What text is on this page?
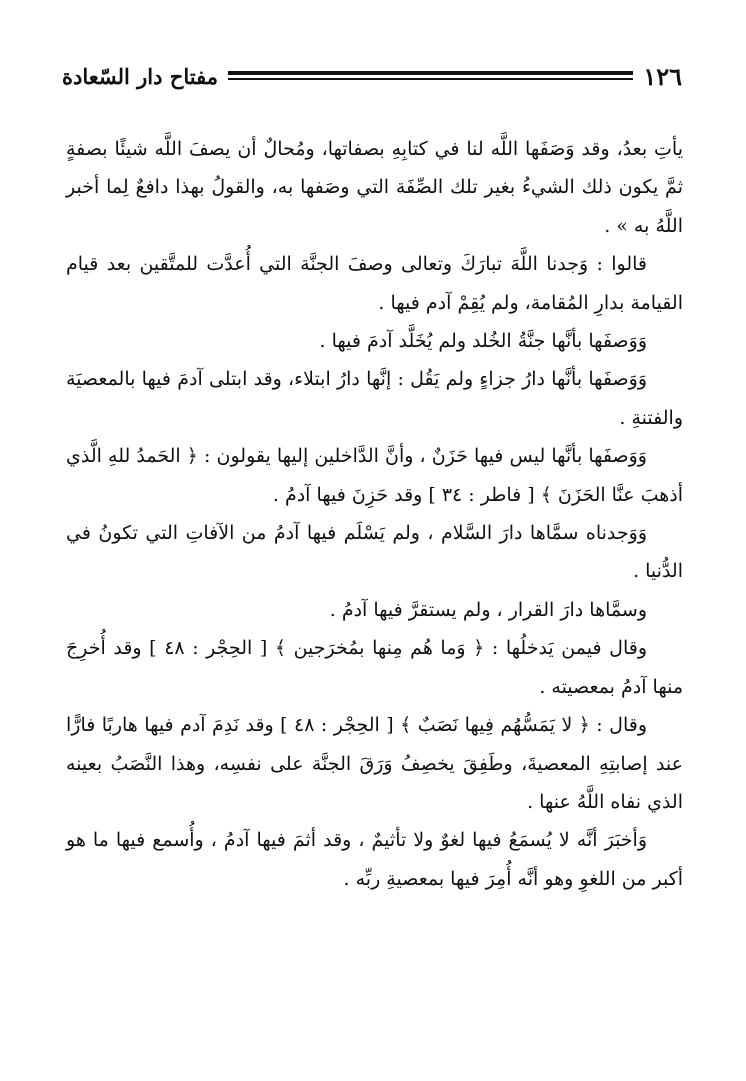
مفتاح دار السّعادة	١٢٦

يأتِ بعدُ، وقد وَصَفَها اللَّه لنا في كتابِهِ بصفاتها، ومُحالٌ أن يصفَ اللَّه شيئًا بصفةٍ ثمَّ يكون ذلك الشيءُ بغير تلك الصِّفَة التي وصَفها به، والقولُ بهذا دافعٌ لِما أخبر اللَّهُ به » .

قالوا : وَجدنا اللَّهَ تبارَكَ وتعالى وصفَ الجنَّة التي أُعدَّت للمتَّقين بعد قيام القيامة بدارِ المُقامة، ولم يُقِمْ آدم فيها .

وَوَصفَها بأنَّها جنَّةُ الخُلد ولم يُخَلَّد آدمَ فيها .

وَوَصفَها بأنَّها دارُ جزاءٍ ولم يَقُل : إنَّها دارُ ابتلاء، وقد ابتلى آدمَ فيها بالمعصيَة والفتنةِ .

وَوَصفَها بأنَّها ليس فيها حَزَنٌ ، وأنَّ الدَّاخلين إليها يقولون : ﴿ الحَمدُ للهِ الَّذي أذهبَ عنَّا الحَزَنَ ﴾ [ فاطر : ٣٤ ] وقد حَزِنَ فيها آدمُ .

وَوَجدناه سمَّاها دارَ السَّلام ، ولم يَسْلَم فيها آدمُ من الآفاتِ التي تكونُ في الدُّنيا .

وسمَّاها دارَ القرار ، ولم يستقرَّ فيها آدمُ .

وقال فيمن يَدخلُها : ﴿ وَما هُم مِنها بمُخرَجين ﴾ [ الحِجْر : ٤٨ ] وقد أُخرِجَ منها آدمُ بمعصيته .

وقال : ﴿ لا يَمَسُّهُم فِيها نَصَبٌ ﴾ [ الحِجْر : ٤٨ ] وقد نَدِمَ آدم فيها هاربًا فارًّا عند إصابتِهِ المعصيةَ، وطَفِقَ يخصِفُ وَرَقَ الجنَّة على نفسِه، وهذا النَّصَبُ بعينه الذي نفاه اللَّهُ عنها .

وَأخبَرَ أنَّه لا يُسمَعُ فيها لغوٌ ولا تأثيمٌ ، وقد أثمَ فيها آدمُ ، وأُسمع فيها ما هو أكبر من اللغوِ وهو أنَّه أُمِرَ فيها بمعصيةِ ربِّه .
